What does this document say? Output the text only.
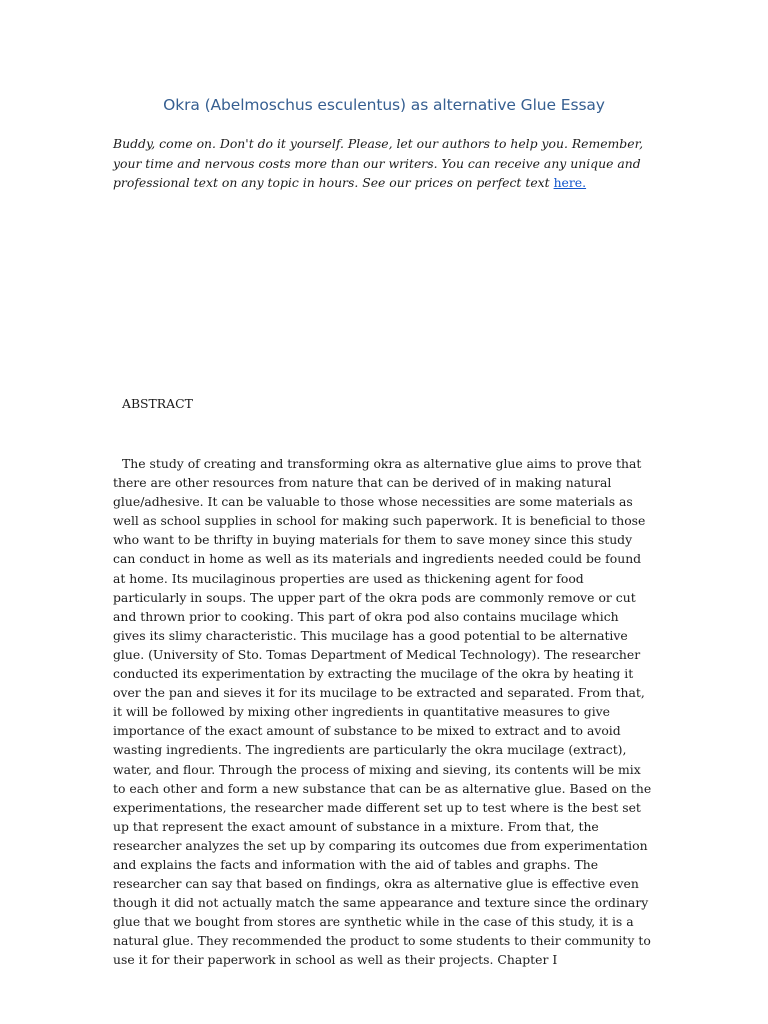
Okra (Abelmoschus esculentus) as alternative Glue Essay

Buddy, come on. Don't do it yourself. Please, let our authors to help you. Remember, your time and nervous costs more than our writers. You can receive any unique and professional text on any topic in hours. See our prices on perfect text here.

ABSTRACT

The study of creating and transforming okra as alternative glue aims to prove that there are other resources from nature that can be derived of in making natural glue/adhesive. It can be valuable to those whose necessities are some materials as well as school supplies in school for making such paperwork. It is beneficial to those who want to be thrifty in buying materials for them to save money since this study can conduct in home as well as its materials and ingredients needed could be found at home. Its mucilaginous properties are used as thickening agent for food particularly in soups. The upper part of the okra pods are commonly remove or cut and thrown prior to cooking. This part of okra pod also contains mucilage which gives its slimy characteristic. This mucilage has a good potential to be alternative glue. (University of Sto. Tomas Department of Medical Technology). The researcher conducted its experimentation by extracting the mucilage of the okra by heating it over the pan and sieves it for its mucilage to be extracted and separated. From that, it will be followed by mixing other ingredients in quantitative measures to give importance of the exact amount of substance to be mixed to extract and to avoid wasting ingredients. The ingredients are particularly the okra mucilage (extract), water, and flour. Through the process of mixing and sieving, its contents will be mix to each other and form a new substance that can be as alternative glue. Based on the experimentations, the researcher made different set up to test where is the best set up that represent the exact amount of substance in a mixture. From that, the researcher analyzes the set up by comparing its outcomes due from experimentation and explains the facts and information with the aid of tables and graphs. The researcher can say that based on findings, okra as alternative glue is effective even though it did not actually match the same appearance and texture since the ordinary glue that we bought from stores are synthetic while in the case of this study, it is a natural glue. They recommended the product to some students to their community to use it for their paperwork in school as well as their projects. Chapter I
